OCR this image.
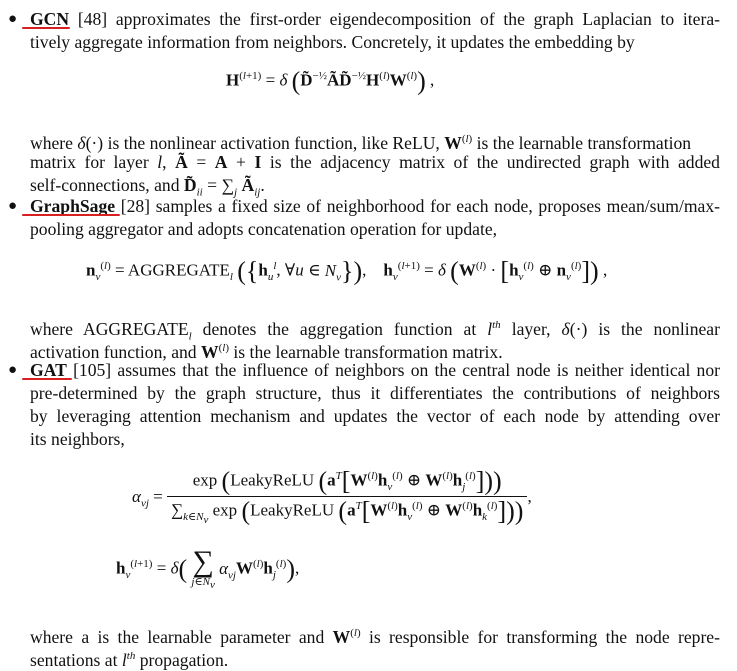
● GCN [48] approximates the first-order eigendecomposition of the graph Laplacian to itera-
tively aggregate information from neighbors. Concretely, it updates the embedding by
$H^{(l+1)} = \delta$ $(D̃^{-\frac{1}{2}}ÃD̃^{-\frac{1}{2}}H^{(l)}W^{(l)})$ ,
where δ(·) is the nonlinear activation function, like ReLU, $W^{(l)}$ is the learnable transformation
matrix for layer l, Ã = A + I is the adjacency matrix of the undirected graph with added
self-connections, and $D̃_{ii} = \sum_j$ $Ã_{ij}$.
● GraphSage [28] samples a fixed size of neighborhood for each node, proposes mean/sum/max-
pooling aggregator and adopts concatenation operation for update,
$n_v^{(l)}$ = $AGGREGATE_l$ ({$h_u^l$, ∀u ∈ $N_v$}),    $h_v^{(l+1)} = \delta$ ($W^{(l)} \cdot [h_v^{(l)}$ ⊕ $n_v^{(l)}$]) ,
where $AGGREGATE_l$ denotes the aggregation function at $l^{th}$ layer, δ(·) is the nonlinear
activation function, and $W^{(l)}$ is the learnable transformation matrix.
● GAT [105] assumes that the influence of neighbors on the central node is neither identical nor
pre-determined by the graph structure, thus it differentiates the contributions of neighbors
by leveraging attention mechanism and updates the vector of each node by attending over
its neighbors,
$\alpha_{vj} = \frac{\exp (LeakyReLU (a^T[W^{(l)}h_v^{(l)} \oplus W^{(l)}h_j^{(l)}]))}{\sum_{k\in N_v} \exp (LeakyReLU (a^T[W^{(l)}h_v^{(l)} \oplus W^{(l)}h_k^{(l)}]))}$ ,
$h_v^{(l+1)} = \delta$( ∑
$j\in N_v$
$\alpha_{vj}W^{(l)}h_j^{(l)}$),
where a is the learnable parameter and $W^{(l)}$ is responsible for transforming the node repre-
sentations at $l^{th}$ propagation.
